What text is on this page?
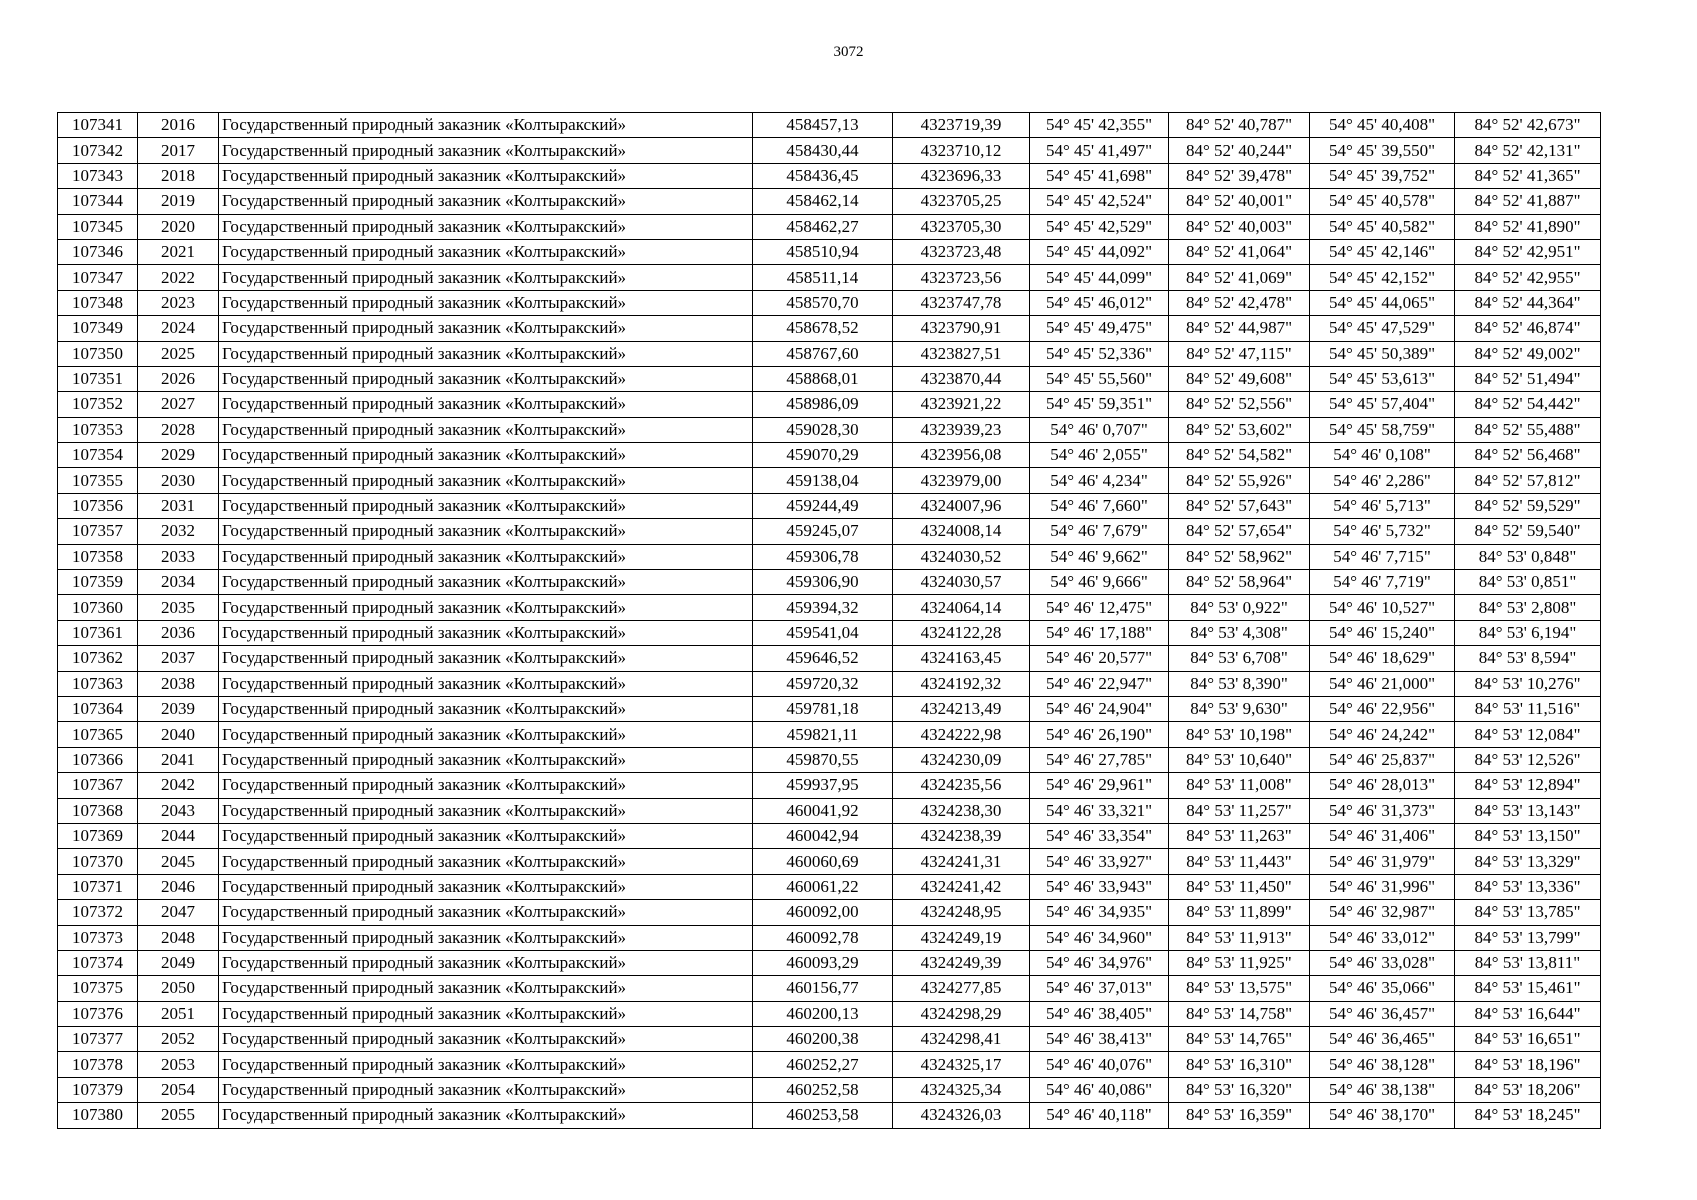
3072
107341	2016	Государственный природный заказник «Колтыракский»	458457,13	4323719,39	54° 45' 42,355"	84° 52' 40,787"	54° 45' 40,408"	84° 52' 42,673"
107342	2017	Государственный природный заказник «Колтыракский»	458430,44	4323710,12	54° 45' 41,497"	84° 52' 40,244"	54° 45' 39,550"	84° 52' 42,131"
107343	2018	Государственный природный заказник «Колтыракский»	458436,45	4323696,33	54° 45' 41,698"	84° 52' 39,478"	54° 45' 39,752"	84° 52' 41,365"
107344	2019	Государственный природный заказник «Колтыракский»	458462,14	4323705,25	54° 45' 42,524"	84° 52' 40,001"	54° 45' 40,578"	84° 52' 41,887"
107345	2020	Государственный природный заказник «Колтыракский»	458462,27	4323705,30	54° 45' 42,529"	84° 52' 40,003"	54° 45' 40,582"	84° 52' 41,890"
107346	2021	Государственный природный заказник «Колтыракский»	458510,94	4323723,48	54° 45' 44,092"	84° 52' 41,064"	54° 45' 42,146"	84° 52' 42,951"
107347	2022	Государственный природный заказник «Колтыракский»	458511,14	4323723,56	54° 45' 44,099"	84° 52' 41,069"	54° 45' 42,152"	84° 52' 42,955"
107348	2023	Государственный природный заказник «Колтыракский»	458570,70	4323747,78	54° 45' 46,012"	84° 52' 42,478"	54° 45' 44,065"	84° 52' 44,364"
107349	2024	Государственный природный заказник «Колтыракский»	458678,52	4323790,91	54° 45' 49,475"	84° 52' 44,987"	54° 45' 47,529"	84° 52' 46,874"
107350	2025	Государственный природный заказник «Колтыракский»	458767,60	4323827,51	54° 45' 52,336"	84° 52' 47,115"	54° 45' 50,389"	84° 52' 49,002"
107351	2026	Государственный природный заказник «Колтыракский»	458868,01	4323870,44	54° 45' 55,560"	84° 52' 49,608"	54° 45' 53,613"	84° 52' 51,494"
107352	2027	Государственный природный заказник «Колтыракский»	458986,09	4323921,22	54° 45' 59,351"	84° 52' 52,556"	54° 45' 57,404"	84° 52' 54,442"
107353	2028	Государственный природный заказник «Колтыракский»	459028,30	4323939,23	54° 46' 0,707"	84° 52' 53,602"	54° 45' 58,759"	84° 52' 55,488"
107354	2029	Государственный природный заказник «Колтыракский»	459070,29	4323956,08	54° 46' 2,055"	84° 52' 54,582"	54° 46' 0,108"	84° 52' 56,468"
107355	2030	Государственный природный заказник «Колтыракский»	459138,04	4323979,00	54° 46' 4,234"	84° 52' 55,926"	54° 46' 2,286"	84° 52' 57,812"
107356	2031	Государственный природный заказник «Колтыракский»	459244,49	4324007,96	54° 46' 7,660"	84° 52' 57,643"	54° 46' 5,713"	84° 52' 59,529"
107357	2032	Государственный природный заказник «Колтыракский»	459245,07	4324008,14	54° 46' 7,679"	84° 52' 57,654"	54° 46' 5,732"	84° 52' 59,540"
107358	2033	Государственный природный заказник «Колтыракский»	459306,78	4324030,52	54° 46' 9,662"	84° 52' 58,962"	54° 46' 7,715"	84° 53' 0,848"
107359	2034	Государственный природный заказник «Колтыракский»	459306,90	4324030,57	54° 46' 9,666"	84° 52' 58,964"	54° 46' 7,719"	84° 53' 0,851"
107360	2035	Государственный природный заказник «Колтыракский»	459394,32	4324064,14	54° 46' 12,475"	84° 53' 0,922"	54° 46' 10,527"	84° 53' 2,808"
107361	2036	Государственный природный заказник «Колтыракский»	459541,04	4324122,28	54° 46' 17,188"	84° 53' 4,308"	54° 46' 15,240"	84° 53' 6,194"
107362	2037	Государственный природный заказник «Колтыракский»	459646,52	4324163,45	54° 46' 20,577"	84° 53' 6,708"	54° 46' 18,629"	84° 53' 8,594"
107363	2038	Государственный природный заказник «Колтыракский»	459720,32	4324192,32	54° 46' 22,947"	84° 53' 8,390"	54° 46' 21,000"	84° 53' 10,276"
107364	2039	Государственный природный заказник «Колтыракский»	459781,18	4324213,49	54° 46' 24,904"	84° 53' 9,630"	54° 46' 22,956"	84° 53' 11,516"
107365	2040	Государственный природный заказник «Колтыракский»	459821,11	4324222,98	54° 46' 26,190"	84° 53' 10,198"	54° 46' 24,242"	84° 53' 12,084"
107366	2041	Государственный природный заказник «Колтыракский»	459870,55	4324230,09	54° 46' 27,785"	84° 53' 10,640"	54° 46' 25,837"	84° 53' 12,526"
107367	2042	Государственный природный заказник «Колтыракский»	459937,95	4324235,56	54° 46' 29,961"	84° 53' 11,008"	54° 46' 28,013"	84° 53' 12,894"
107368	2043	Государственный природный заказник «Колтыракский»	460041,92	4324238,30	54° 46' 33,321"	84° 53' 11,257"	54° 46' 31,373"	84° 53' 13,143"
107369	2044	Государственный природный заказник «Колтыракский»	460042,94	4324238,39	54° 46' 33,354"	84° 53' 11,263"	54° 46' 31,406"	84° 53' 13,150"
107370	2045	Государственный природный заказник «Колтыракский»	460060,69	4324241,31	54° 46' 33,927"	84° 53' 11,443"	54° 46' 31,979"	84° 53' 13,329"
107371	2046	Государственный природный заказник «Колтыракский»	460061,22	4324241,42	54° 46' 33,943"	84° 53' 11,450"	54° 46' 31,996"	84° 53' 13,336"
107372	2047	Государственный природный заказник «Колтыракский»	460092,00	4324248,95	54° 46' 34,935"	84° 53' 11,899"	54° 46' 32,987"	84° 53' 13,785"
107373	2048	Государственный природный заказник «Колтыракский»	460092,78	4324249,19	54° 46' 34,960"	84° 53' 11,913"	54° 46' 33,012"	84° 53' 13,799"
107374	2049	Государственный природный заказник «Колтыракский»	460093,29	4324249,39	54° 46' 34,976"	84° 53' 11,925"	54° 46' 33,028"	84° 53' 13,811"
107375	2050	Государственный природный заказник «Колтыракский»	460156,77	4324277,85	54° 46' 37,013"	84° 53' 13,575"	54° 46' 35,066"	84° 53' 15,461"
107376	2051	Государственный природный заказник «Колтыракский»	460200,13	4324298,29	54° 46' 38,405"	84° 53' 14,758"	54° 46' 36,457"	84° 53' 16,644"
107377	2052	Государственный природный заказник «Колтыракский»	460200,38	4324298,41	54° 46' 38,413"	84° 53' 14,765"	54° 46' 36,465"	84° 53' 16,651"
107378	2053	Государственный природный заказник «Колтыракский»	460252,27	4324325,17	54° 46' 40,076"	84° 53' 16,310"	54° 46' 38,128"	84° 53' 18,196"
107379	2054	Государственный природный заказник «Колтыракский»	460252,58	4324325,34	54° 46' 40,086"	84° 53' 16,320"	54° 46' 38,138"	84° 53' 18,206"
107380	2055	Государственный природный заказник «Колтыракский»	460253,58	4324326,03	54° 46' 40,118"	84° 53' 16,359"	54° 46' 38,170"	84° 53' 18,245"
